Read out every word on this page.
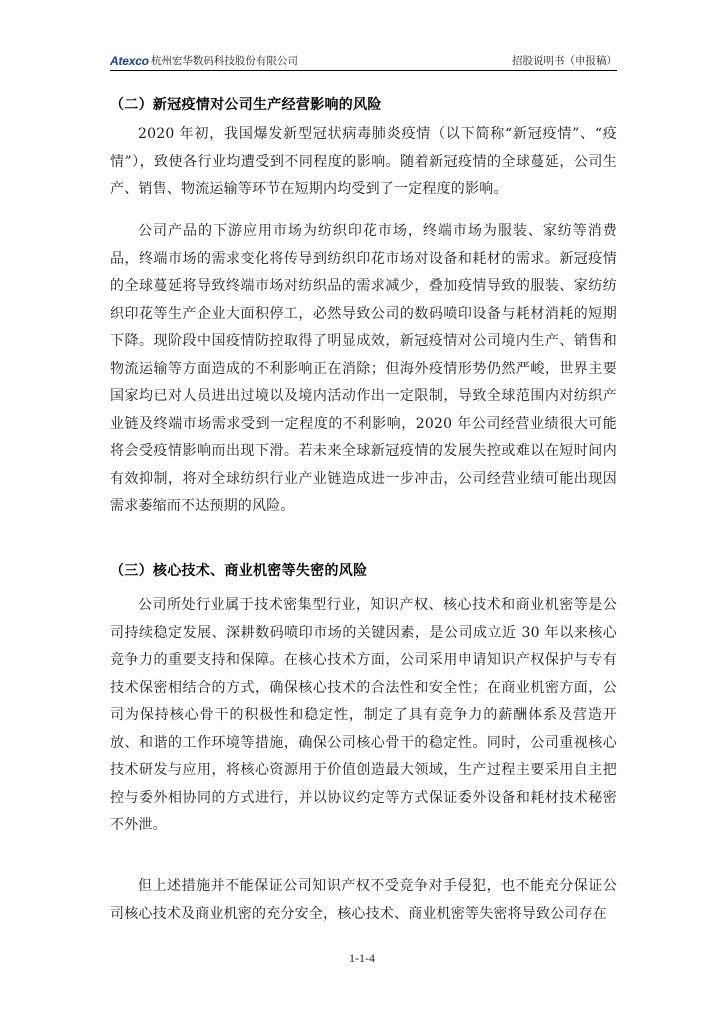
Atexco 杭州宏华数码科技股份有限公司	招股说明书（申报稿）
（二）新冠疫情对公司生产经营影响的风险

2020 年初，我国爆发新型冠状病毒肺炎疫情（以下简称“新冠疫情”、“疫情”），致使各行业均遭受到不同程度的影响。随着新冠疫情的全球蔓延，公司生产、销售、物流运输等环节在短期内均受到了一定程度的影响。

公司产品的下游应用市场为纺织印花市场，终端市场为服装、家纺等消费品，终端市场的需求变化将传导到纺织印花市场对设备和耗材的需求。新冠疫情的全球蔓延将导致终端市场对纺织品的需求减少，叠加疫情导致的服装、家纺纺织印花等生产企业大面积停工，必然导致公司的数码喷印设备与耗材消耗的短期下降。现阶段中国疫情防控取得了明显成效，新冠疫情对公司境内生产、销售和物流运输等方面造成的不利影响正在消除；但海外疫情形势仍然严峻，世界主要国家均已对人员进出过境以及境内活动作出一定限制，导致全球范围内对纺织产业链及终端市场需求受到一定程度的不利影响，2020 年公司经营业绩很大可能将会受疫情影响而出现下滑。若未来全球新冠疫情的发展失控或难以在短时间内有效抑制，将对全球纺织行业产业链造成进一步冲击，公司经营业绩可能出现因需求萎缩而不达预期的风险。

（三）核心技术、商业机密等失密的风险

公司所处行业属于技术密集型行业，知识产权、核心技术和商业机密等是公司持续稳定发展、深耕数码喷印市场的关键因素，是公司成立近 30 年以来核心竞争力的重要支持和保障。在核心技术方面，公司采用申请知识产权保护与专有技术保密相结合的方式，确保核心技术的合法性和安全性；在商业机密方面，公司为保持核心骨干的积极性和稳定性，制定了具有竞争力的薪酬体系及营造开放、和谐的工作环境等措施，确保公司核心骨干的稳定性。同时，公司重视核心技术研发与应用，将核心资源用于价值创造最大领域，生产过程主要采用自主把控与委外相协同的方式进行，并以协议约定等方式保证委外设备和耗材技术秘密不外泄。

但上述措施并不能保证公司知识产权不受竞争对手侵犯，也不能充分保证公司核心技术及商业机密的充分安全，核心技术、商业机密等失密将导致公司存在

1-1-4
